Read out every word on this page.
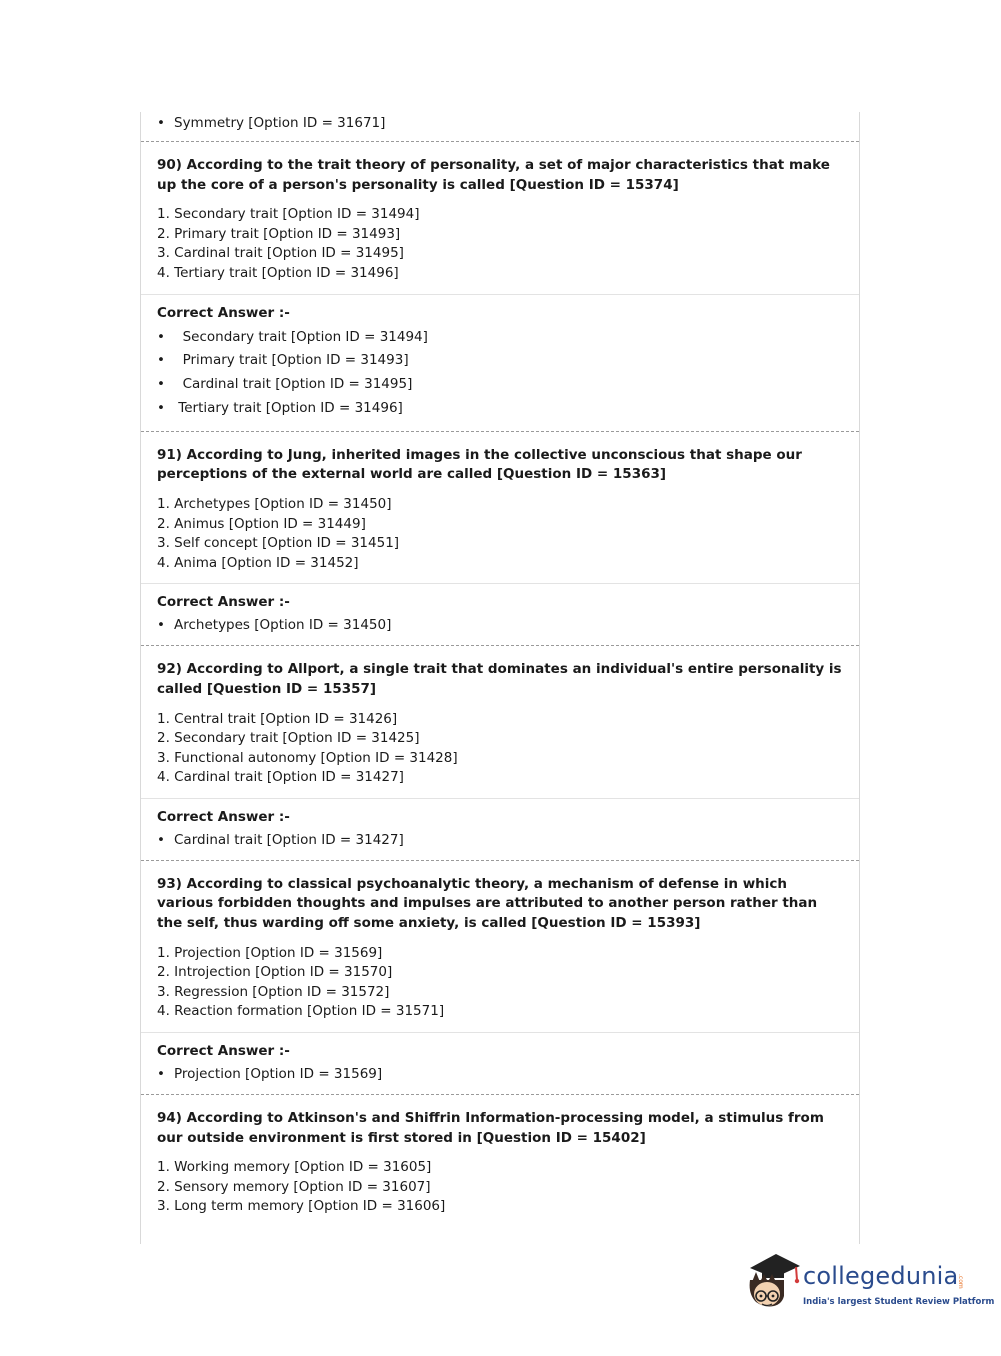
• Symmetry [Option ID = 31671]

90) According to the trait theory of personality, a set of major characteristics that make up the core of a person's personality is called [Question ID = 15374]

1. Secondary trait [Option ID = 31494]
2. Primary trait [Option ID = 31493]
3. Cardinal trait [Option ID = 31495]
4. Tertiary trait [Option ID = 31496]
Correct Answer :-
•  Secondary trait [Option ID = 31494]
•  Primary trait [Option ID = 31493]
•  Cardinal trait [Option ID = 31495]
• Tertiary trait [Option ID = 31496]

91) According to Jung, inherited images in the collective unconscious that shape our perceptions of the external world are called [Question ID = 15363]

1. Archetypes [Option ID = 31450]
2. Animus [Option ID = 31449]
3. Self concept [Option ID = 31451]
4. Anima [Option ID = 31452]
Correct Answer :-
• Archetypes [Option ID = 31450]

92) According to Allport, a single trait that dominates an individual's entire personality is called [Question ID = 15357]

1. Central trait [Option ID = 31426]
2. Secondary trait [Option ID = 31425]
3. Functional autonomy [Option ID = 31428]
4. Cardinal trait [Option ID = 31427]
Correct Answer :-
• Cardinal trait [Option ID = 31427]

93) According to classical psychoanalytic theory, a mechanism of defense in which various forbidden thoughts and impulses are attributed to another person rather than the self, thus warding off some anxiety, is called [Question ID = 15393]

1. Projection [Option ID = 31569]
2. Introjection [Option ID = 31570]
3. Regression [Option ID = 31572]
4. Reaction formation [Option ID = 31571]
Correct Answer :-
• Projection [Option ID = 31569]

94) According to Atkinson's and Shiffrin Information-processing model, a stimulus from our outside environment is first stored in [Question ID = 15402]

1. Working memory [Option ID = 31605]
2. Sensory memory [Option ID = 31607]
3. Long term memory [Option ID = 31606]
collegedunia
.com
India's largest Student Review Platform
